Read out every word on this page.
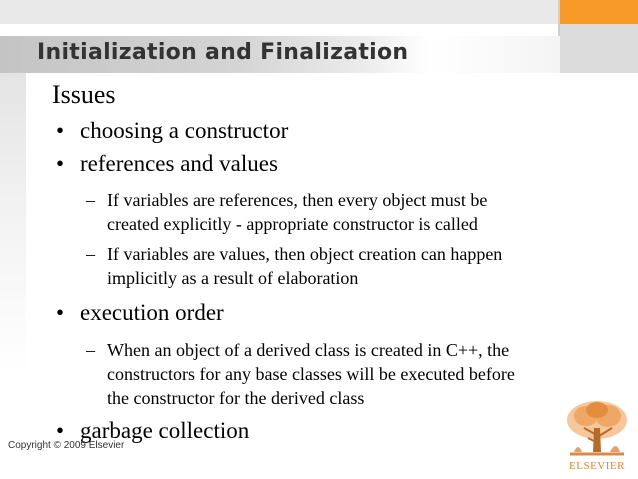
Initialization and Finalization
Issues
• choosing a constructor
• references and values
– If variables are references, then every object must be
created explicitly - appropriate constructor is called
– If variables are values, then object creation can happen
implicitly as a result of elaboration
• execution order
– When an object of a derived class is created in C++, the
constructors for any base classes will be executed before
the constructor for the derived class
• garbage collection
Copyright © 2009 Elsevier
ELSEVIER
